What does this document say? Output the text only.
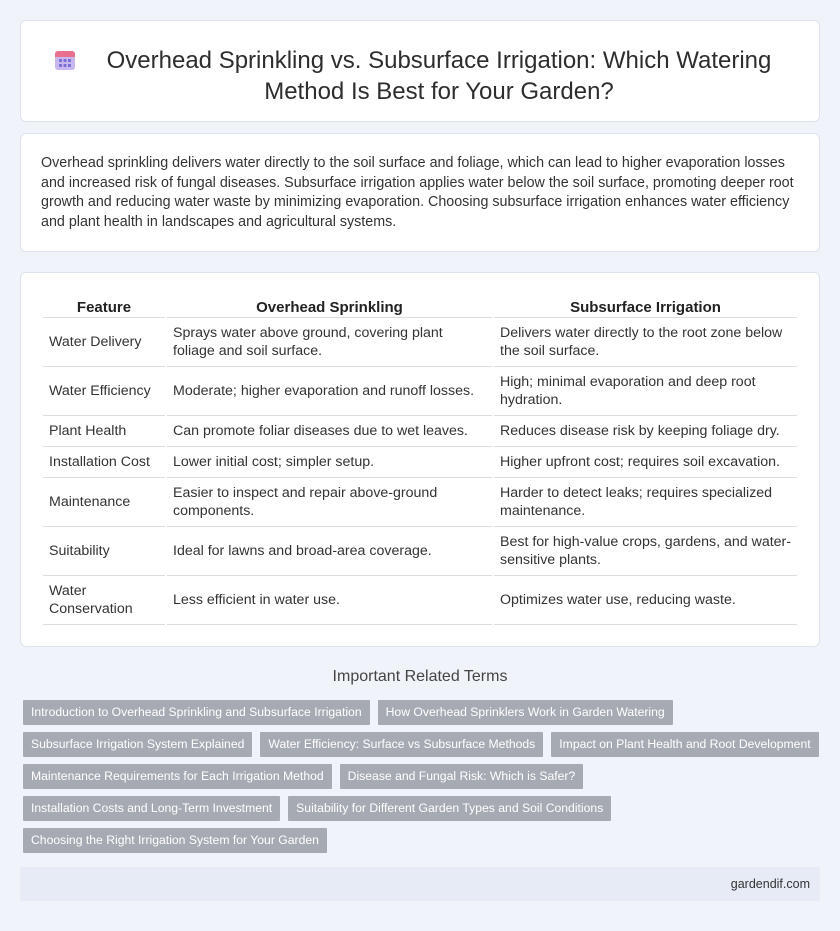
Overhead Sprinkling vs. Subsurface Irrigation: Which Watering Method Is Best for Your Garden?

Overhead sprinkling delivers water directly to the soil surface and foliage, which can lead to higher evaporation losses and increased risk of fungal diseases. Subsurface irrigation applies water below the soil surface, promoting deeper root growth and reducing water waste by minimizing evaporation. Choosing subsurface irrigation enhances water efficiency and plant health in landscapes and agricultural systems.

Feature	Overhead Sprinkling	Subsurface Irrigation
Water Delivery	Sprays water above ground, covering plant foliage and soil surface.	Delivers water directly to the root zone below the soil surface.
Water Efficiency	Moderate; higher evaporation and runoff losses.	High; minimal evaporation and deep root hydration.
Plant Health	Can promote foliar diseases due to wet leaves.	Reduces disease risk by keeping foliage dry.
Installation Cost	Lower initial cost; simpler setup.	Higher upfront cost; requires soil excavation.
Maintenance	Easier to inspect and repair above-ground components.	Harder to detect leaks; requires specialized maintenance.
Suitability	Ideal for lawns and broad-area coverage.	Best for high-value crops, gardens, and water-sensitive plants.
Water Conservation	Less efficient in water use.	Optimizes water use, reducing waste.
Important Related Terms
Introduction to Overhead Sprinkling and Subsurface Irrigation	How Overhead Sprinklers Work in Garden Watering
Subsurface Irrigation System Explained	Water Efficiency: Surface vs Subsurface Methods	Impact on Plant Health and Root Development
Maintenance Requirements for Each Irrigation Method	Disease and Fungal Risk: Which is Safer?
Installation Costs and Long-Term Investment	Suitability for Different Garden Types and Soil Conditions
Choosing the Right Irrigation System for Your Garden
gardendif.com
